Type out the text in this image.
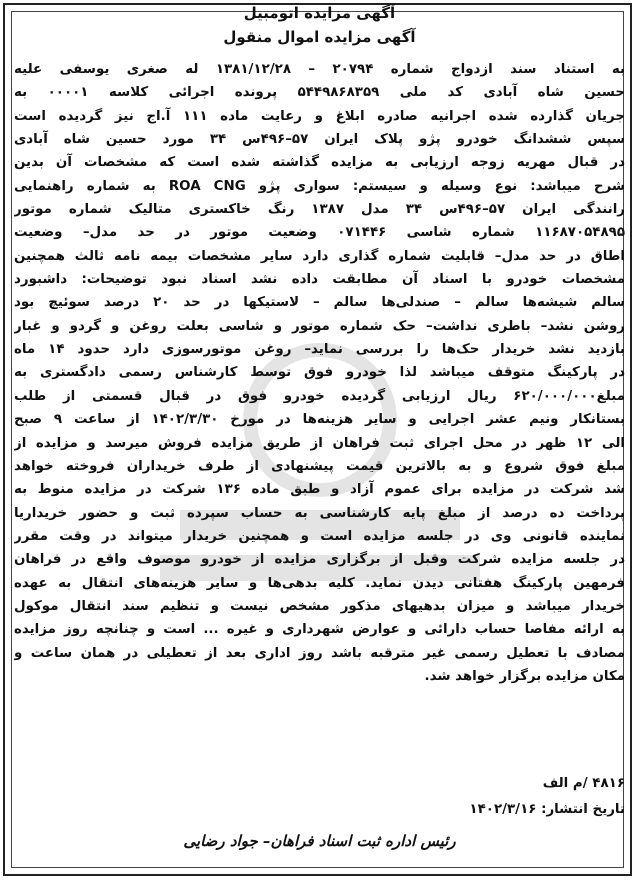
آگهی مزایده اتومبیل
آگهی مزایده اموال منقول
به استناد سند ازدواج شماره ۲۰۷۹۴ – ۱۳۸۱/۱۲/۲۸ له صغری یوسفی علیه
حسین شاه آبادی کد ملی ۵۴۴۹۸۶۸۳۵۹ پرونده اجرائی کلاسه ۰۰۰۰۱ به
جریان گذارده شده اجرانیه صادره ابلاغ و رعایت ماده ۱۱۱ آ.اج نیز گردیده است
سپس ششدانگ خودرو پژو پلاک ایران ۵۷–۴۹۶س ۳۴ مورد حسین شاه آبادی
در قبال مهریه زوجه ارزیابی به مزایده گذاشته شده است که مشخصات آن بدین
شرح میباشد: نوع وسیله و سیستم: سواری پژو ROA CNG به شماره راهنمایی
رانندگی ایران ۵۷–۴۹۶س ۳۴ مدل ۱۳۸۷ رنگ خاکستری متالیک شماره موتور
۱۱۶۸۷۰۵۴۸۹۵ شماره شاسی ۰۷۱۴۴۶ وضعیت موتور در حد مدل– وضعیت
اطاق در حد مدل– قابلیت شماره گذاری دارد سایر مشخصات بیمه نامه ثالث همچنین
مشخصات خودرو با اسناد آن مطابقت داده نشد اسناد نبود توضیحات: داشبورد
سالم شیشه‌ها سالم – صندلی‌ها سالم – لاستیکها در حد ۲۰ درصد سوئیچ بود
روشن نشد– باطری نداشت– حک شماره موتور و شاسی بعلت روغن و گردو و غبار
بازدید نشد خریدار حک‌ها را بررسی نماید– روغن موتورسوزی دارد حدود ۱۴ ماه
در پارکینگ متوقف میباشد لذا خودرو فوق توسط کارشناس رسمی دادگستری به
مبلغ۶۲۰/۰۰۰/۰۰۰ ریال ارزیابی گردیده خودرو فوق در قبال قسمتی از طلب
بستانکار ونیم عشر اجرایی و سایر هزینه‌ها در مورخ ۱۴۰۲/۳/۳۰ از ساعت ۹ صبح
الی ۱۲ ظهر در محل اجرای ثبت فراهان از طریق مزایده فروش میرسد و مزایده از
مبلغ فوق شروع و به بالاترین قیمت پیشنهادی از طرف خریداران فروخته خواهد
شد شرکت در مزایده برای عموم آزاد و طبق ماده ۱۳۶ شرکت در مزایده منوط به
پرداخت ده درصد از مبلغ پایه کارشناسی به حساب سپرده ثبت و حضور خریداریا
نماینده قانونی وی در جلسه مزایده است و همچنین خریدار میتواند در وقت مقرر
در جلسه مزایده شرکت وقبل از برگزاری مزایده از خودرو موصوف واقع در فراهان
فرمهین پارکینگ هفتانی دیدن نماید. کلیه بدهی‌ها و سایر هزینه‌های انتقال به عهده
خریدار میباشد و میزان بدهیهای مذکور مشخص نیست و تنظیم سند انتقال موکول
به ارائه مفاصا حساب دارائی و عوارض شهرداری و غیره ... است و چنانچه روز مزایده
مصادف با تعطیل رسمی غیر مترقبه باشد روز اداری بعد از تعطیلی در همان ساعت و
مکان مزایده برگزار خواهد شد.
۴۸۱۶ /م الف
تاریخ انتشار: ۱۴۰۲/۳/۱۶
رئیس اداره ثبت اسناد فراهان– جواد رضایی
